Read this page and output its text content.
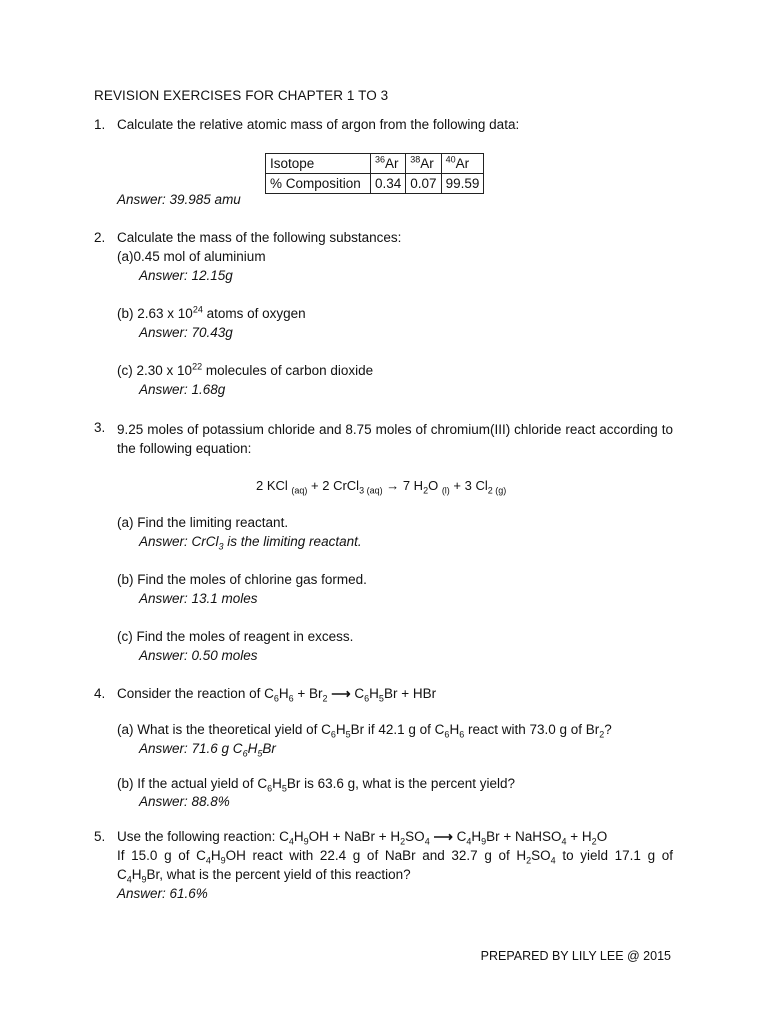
REVISION EXERCISES FOR CHAPTER 1 TO 3
1. Calculate the relative atomic mass of argon from the following data:
Isotope	$^{36}$Ar	$^{38}$Ar	$^{40}$Ar
% Composition	0.34	0.07	99.59
Answer: 39.985 amu
2. Calculate the mass of the following substances:
(a)0.45 mol of aluminium
Answer: 12.15g
(b) 2.63 x $10^{24}$ atoms of oxygen
Answer: 70.43g
(c) 2.30 x $10^{22}$ molecules of carbon dioxide
Answer: 1.68g
3. 9.25 moles of potassium chloride and 8.75 moles of chromium(III) chloride react according to the following equation:
2 KCl $_{(aq)}$ + 2 CrCl$_{3 (aq)}$ → 7 $H_2O$ $_{(l)}$ + 3 $Cl_{2 (g)}$
(a) Find the limiting reactant.
Answer: CrCl$_3$ is the limiting reactant.
(b) Find the moles of chlorine gas formed.
Answer: 13.1 moles
(c) Find the moles of reagent in excess.
Answer: 0.50 moles
4. Consider the reaction of $C_6H_6 + Br_2$ ⟶ $C_6H_5Br$ + HBr
(a) What is the theoretical yield of $C_6H_5Br$ if 42.1 g of $C_6H_6$ react with 73.0 g of $Br_2$?
Answer: 71.6 g $C_6H_5Br$
(b) If the actual yield of $C_6H_5Br$ is 63.6 g, what is the percent yield?
Answer: 88.8%
5. Use the following reaction: $C_4H_9OH$ + NaBr + $H_2SO_4$ ⟶ $C_4H_9Br$ + NaHSO$_4$ + $H_2O$
If 15.0 g of $C_4H_9OH$ react with 22.4 g of NaBr and 32.7 g of $H_2SO_4$ to yield 17.1 g of
$C_4H_9Br$, what is the percent yield of this reaction?
Answer: 61.6%
PREPARED BY LILY LEE @ 2015
